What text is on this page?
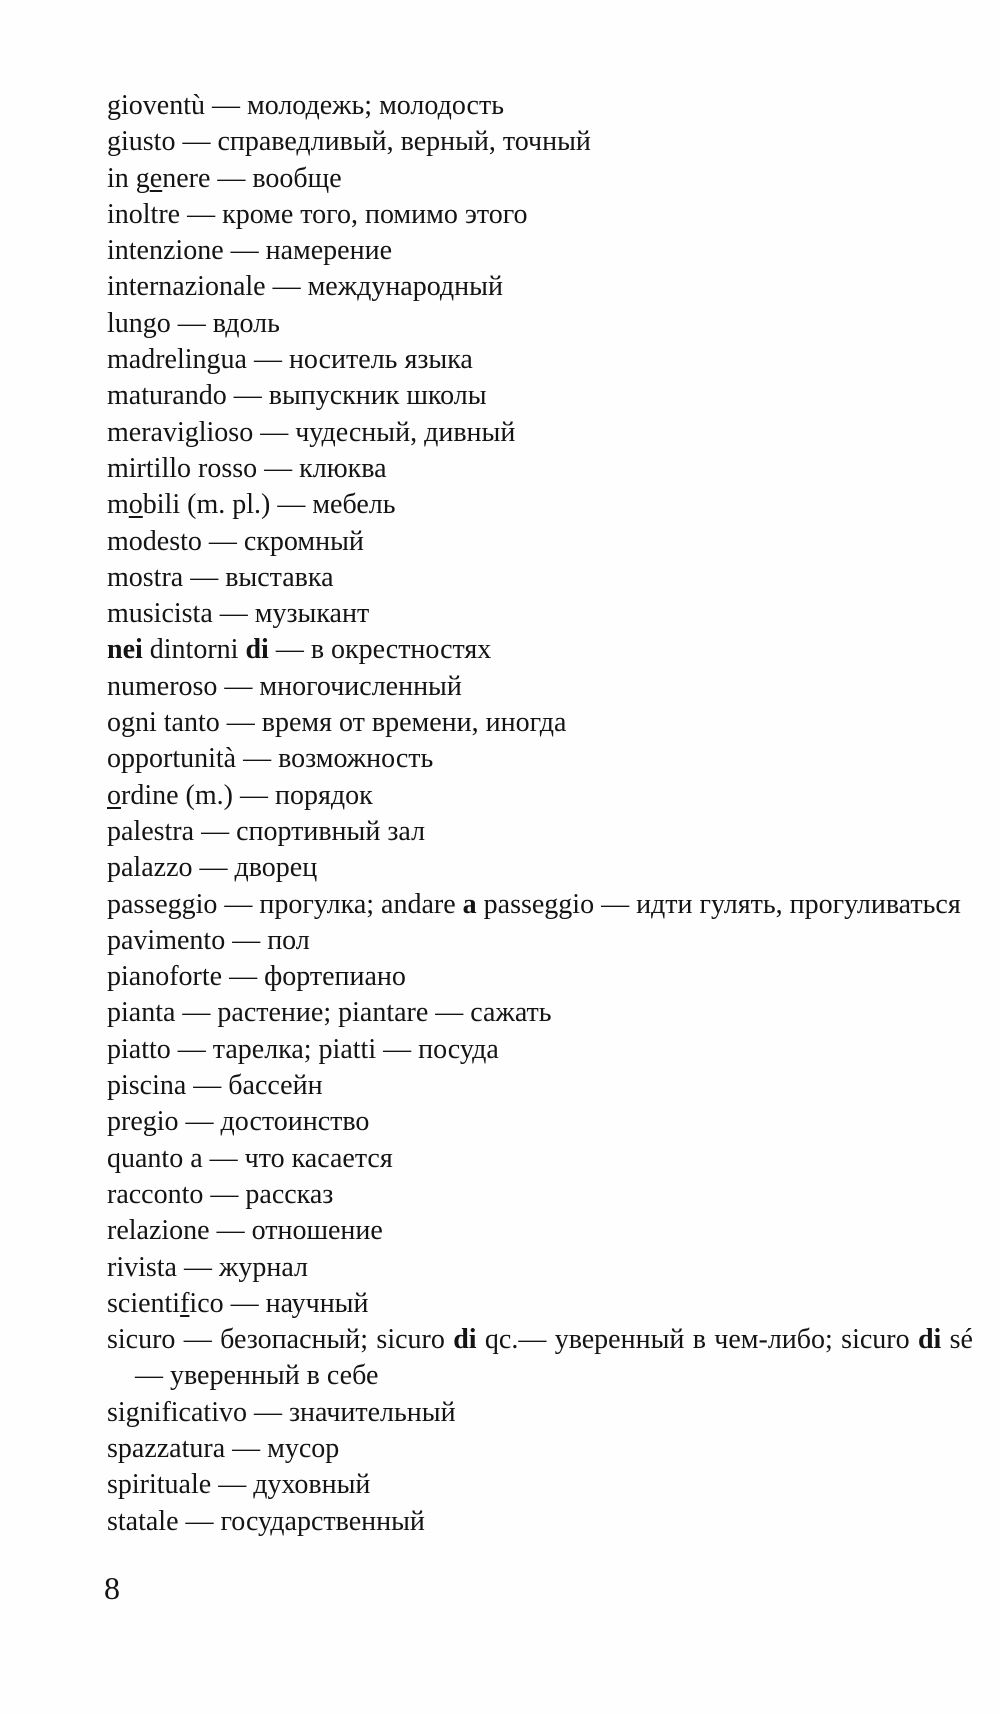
gioventù — молодежь; молодость

giusto — справедливый, верный, точный

in genere — вообще

inoltre — кроме того, помимо этого

intenzione — намерение

internazionale — международный

lungo — вдоль

madrelingua — носитель языка

maturando — выпускник школы

meraviglioso — чудесный, дивный

mirtillo rosso — клюква

mobili (m. pl.) — мебель

modesto — скромный

mostra — выставка

musicista — музыкант

nei dintorni di — в окрестностях

numeroso — многочисленный

ogni tanto — время от времени, иногда

opportunità — возможность

ordine (m.) — порядок

palestra — спортивный зал

palazzo — дворец

passeggio — прогулка; andare a passeggio — идти гулять, прогуливаться

pavimento — пол

pianoforte — фортепиано

pianta — растение; piantare — сажать

piatto — тарелка; piatti — посуда

piscina — бассейн

pregio — достоинство

quanto a — что касается

racconto — рассказ

relazione — отношение

rivista — журнал

scientifico — научный

sicuro — безопасный; sicuro di qc.— уверенный в чем-либо; sicuro di sé — уверенный в себе

significativo — значительный

spazzatura — мусор

spirituale — духовный

statale — государственный

8
